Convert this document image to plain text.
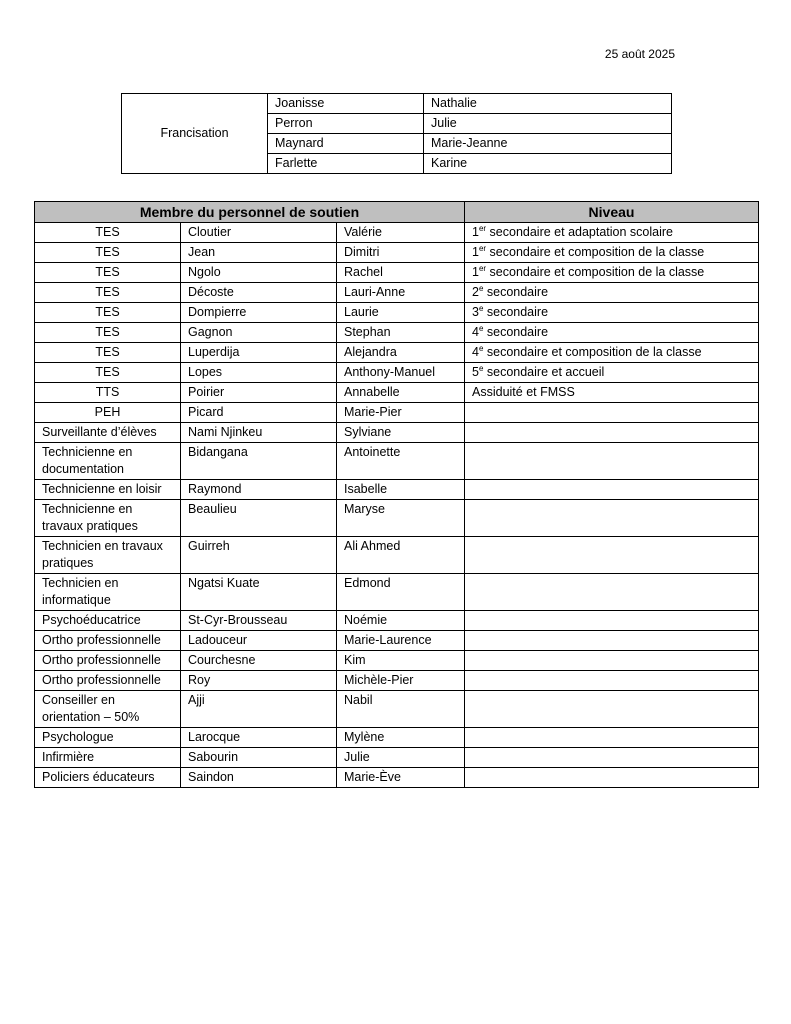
25 août 2025
Francisation	Joanisse	Nathalie
	Perron	Julie
	Maynard	Marie-Jeanne
	Farlette	Karine
Membre du personnel de soutien			Niveau
TES	Cloutier	Valérie	1er secondaire et adaptation scolaire
TES	Jean	Dimitri	1er secondaire et composition de la classe
TES	Ngolo	Rachel	1er secondaire et composition de la classe
TES	Décoste	Lauri-Anne	2e secondaire
TES	Dompierre	Laurie	3e secondaire
TES	Gagnon	Stephan	4e secondaire
TES	Luperdija	Alejandra	4e secondaire et composition de la classe
TES	Lopes	Anthony-Manuel	5e secondaire et accueil
TTS	Poirier	Annabelle	Assiduité et FMSS
PEH	Picard	Marie-Pier	
Surveillante d’élèves	Nami Njinkeu	Sylviane	
Technicienne en documentation	Bidangana	Antoinette	
Technicienne en loisir	Raymond	Isabelle	
Technicienne en travaux pratiques	Beaulieu	Maryse	
Technicien en travaux pratiques	Guirreh	Ali Ahmed	
Technicien en informatique	Ngatsi Kuate	Edmond	
Psychoéducatrice	St-Cyr-Brousseau	Noémie	
Ortho professionnelle	Ladouceur	Marie-Laurence	
Ortho professionnelle	Courchesne	Kim	
Ortho professionnelle	Roy	Michèle-Pier	
Conseiller en orientation – 50%	Ajji	Nabil	
Psychologue	Larocque	Mylène	
Infirmière	Sabourin	Julie	
Policiers éducateurs	Saindon	Marie-Ève	
